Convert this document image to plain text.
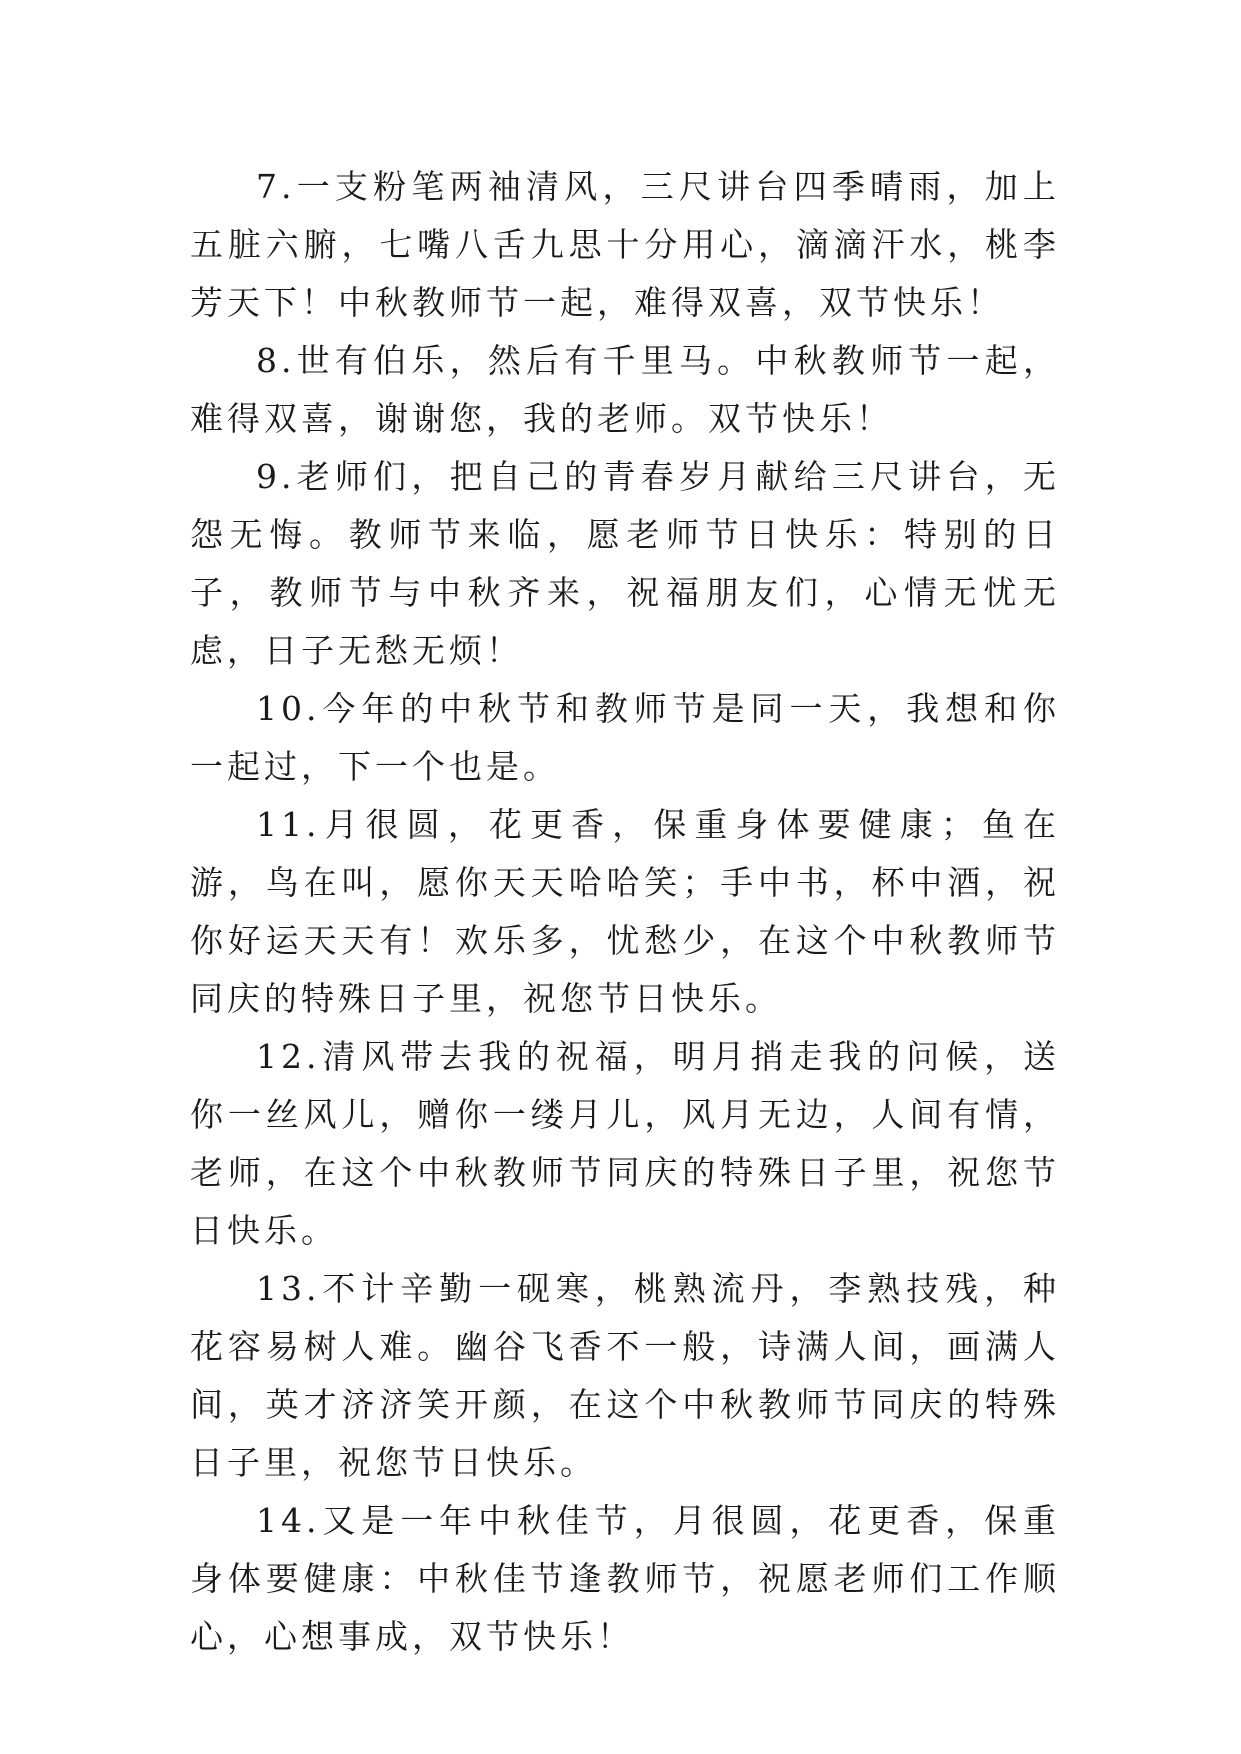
7.一支粉笔两袖清风，三尺讲台四季晴雨，加上五脏六腑，七嘴八舌九思十分用心，滴滴汗水，桃李芳天下！中秋教师节一起，难得双喜，双节快乐！

8.世有伯乐，然后有千里马。中秋教师节一起，难得双喜，谢谢您，我的老师。双节快乐！

9.老师们，把自己的青春岁月献给三尺讲台，无怨无悔。教师节来临，愿老师节日快乐：特别的日子，教师节与中秋齐来，祝福朋友们，心情无忧无虑，日子无愁无烦！

10.今年的中秋节和教师节是同一天，我想和你一起过，下一个也是。

11.月很圆，花更香，保重身体要健康；鱼在游，鸟在叫，愿你天天哈哈笑；手中书，杯中酒，祝你好运天天有！欢乐多，忧愁少，在这个中秋教师节同庆的特殊日子里，祝您节日快乐。

12.清风带去我的祝福，明月捎走我的问候，送你一丝风儿，赠你一缕月儿，风月无边，人间有情，老师，在这个中秋教师节同庆的特殊日子里，祝您节日快乐。

13.不计辛勤一砚寒，桃熟流丹，李熟技残，种花容易树人难。幽谷飞香不一般，诗满人间，画满人间，英才济济笑开颜，在这个中秋教师节同庆的特殊日子里，祝您节日快乐。

14.又是一年中秋佳节，月很圆，花更香，保重身体要健康：中秋佳节逢教师节，祝愿老师们工作顺心，心想事成，双节快乐！
